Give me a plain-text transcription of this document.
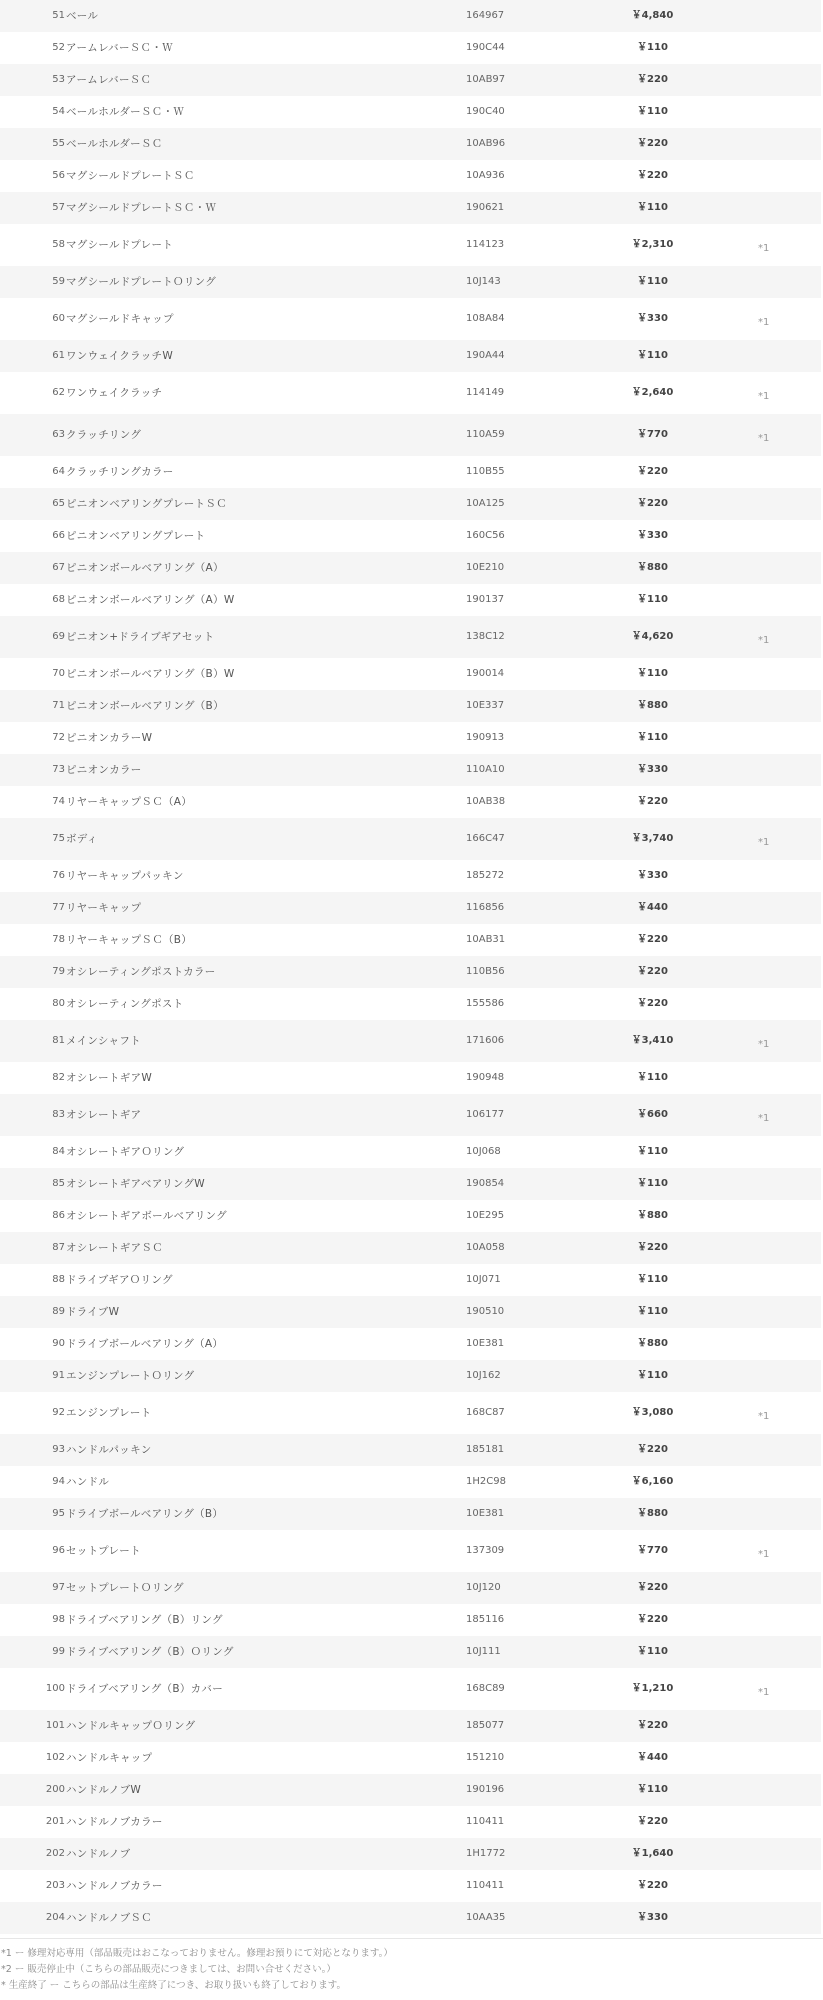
51 ベール	164967	￥4,840
52 アームレバーＳＣ・Ｗ	190C44	￥110
53 アームレバーＳＣ	10AB97	￥220
54 ベールホルダーＳＣ・Ｗ	190C40	￥110
55 ベールホルダーＳＣ	10AB96	￥220
56 マグシールドプレートＳＣ	10A936	￥220
57 マグシールドプレートＳＣ・Ｗ	190621	￥110
58 マグシールドプレート	114123	￥2,310	*1
59 マグシールドプレートＯリング	10J143	￥110
60 マグシールドキャップ	108A84	￥330	*1
61 ワンウェイクラッチW	190A44	￥110
62 ワンウェイクラッチ	114149	￥2,640	*1
63 クラッチリング	110A59	￥770	*1
64 クラッチリングカラー	110B55	￥220
65 ピニオンベアリングプレートＳＣ	10A125	￥220
66 ピニオンベアリングプレート	160C56	￥330
67 ピニオンボールベアリング（A）	10E210	￥880
68 ピニオンボールベアリング（A）W	190137	￥110
69 ピニオン+ドライブギアセット	138C12	￥4,620	*1
70 ピニオンボールベアリング（B）W	190014	￥110
71 ピニオンボールベアリング（B）	10E337	￥880
72 ピニオンカラーW	190913	￥110
73 ピニオンカラー	110A10	￥330
74 リヤーキャップＳＣ（A）	10AB38	￥220
75 ボディ	166C47	￥3,740	*1
76 リヤーキャップパッキン	185272	￥330
77 リヤーキャップ	116856	￥440
78 リヤーキャップＳＣ（B）	10AB31	￥220
79 オシレーティングポストカラー	110B56	￥220
80 オシレーティングポスト	155586	￥220
81 メインシャフト	171606	￥3,410	*1
82 オシレートギアW	190948	￥110
83 オシレートギア	106177	￥660	*1
84 オシレートギアＯリング	10J068	￥110
85 オシレートギアベアリングW	190854	￥110
86 オシレートギアボールベアリング	10E295	￥880
87 オシレートギアＳＣ	10A058	￥220
88 ドライブギアＯリング	10J071	￥110
89 ドライブW	190510	￥110
90 ドライブボールベアリング（A）	10E381	￥880
91 エンジンプレートＯリング	10J162	￥110
92 エンジンプレート	168C87	￥3,080	*1
93 ハンドルパッキン	185181	￥220
94 ハンドル	1H2C98	￥6,160
95 ドライブボールベアリング（B）	10E381	￥880
96 セットプレート	137309	￥770	*1
97 セットプレートＯリング	10J120	￥220
98 ドライブベアリング（B）リング	185116	￥220
99 ドライブベアリング（B）Ｏリング	10J111	￥110
100 ドライブベアリング（B）カバー	168C89	￥1,210	*1
101 ハンドルキャップＯリング	185077	￥220
102 ハンドルキャップ	151210	￥440
200 ハンドルノブW	190196	￥110
201 ハンドルノブカラー	110411	￥220
202 ハンドルノブ	1H1772	￥1,640
203 ハンドルノブカラー	110411	￥220
204 ハンドルノブＳＣ	10AA35	￥330
*1 ー 修理対応専用（部品販売はおこなっておりません。修理お預りにて対応となります。）
*2 ー 販売停止中（こちらの部品販売につきましては、お問い合せください。）
* 生産終了 ー こちらの部品は生産終了につき、お取り扱いも終了しております。
